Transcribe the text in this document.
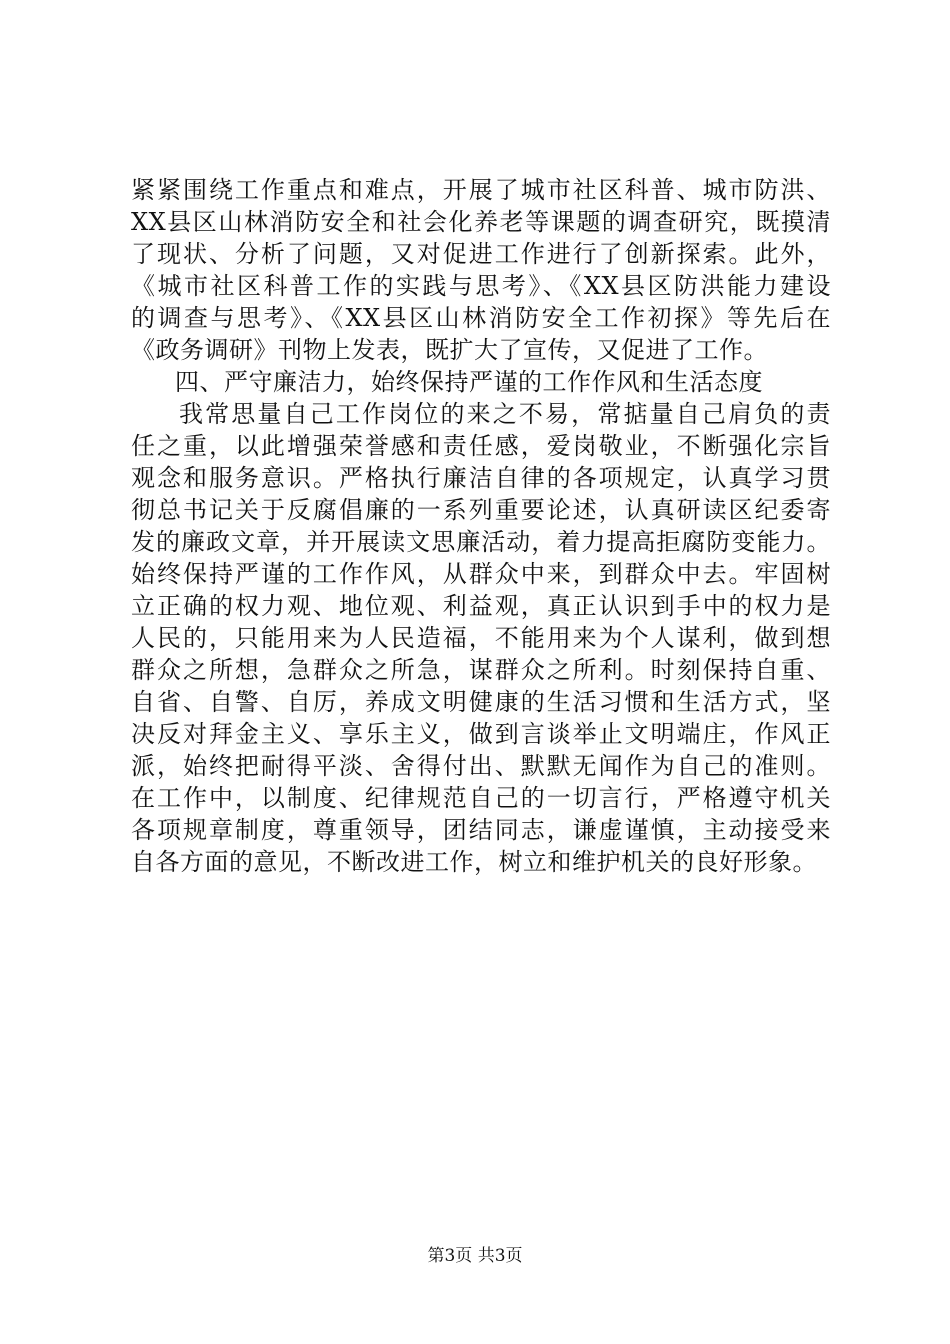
紧紧围绕工作重点和难点，开展了城市社区科普、城市防洪、
XX县区山林消防安全和社会化养老等课题的调查研究，既摸清
了现状、分析了问题，又对促进工作进行了创新探索。此外，
《城市社区科普工作的实践与思考》、《XX县区防洪能力建设
的调查与思考》、《XX县区山林消防安全工作初探》等先后在
《政务调研》刊物上发表，既扩大了宣传，又促进了工作。
四、严守廉洁力，始终保持严谨的工作作风和生活态度
我常思量自己工作岗位的来之不易，常掂量自己肩负的责
任之重，以此增强荣誉感和责任感，爱岗敬业，不断强化宗旨
观念和服务意识。严格执行廉洁自律的各项规定，认真学习贯
彻总书记关于反腐倡廉的一系列重要论述，认真研读区纪委寄
发的廉政文章，并开展读文思廉活动，着力提高拒腐防变能力。
始终保持严谨的工作作风，从群众中来，到群众中去。牢固树
立正确的权力观、地位观、利益观，真正认识到手中的权力是
人民的，只能用来为人民造福，不能用来为个人谋利，做到想
群众之所想，急群众之所急，谋群众之所利。时刻保持自重、
自省、自警、自厉，养成文明健康的生活习惯和生活方式，坚
决反对拜金主义、享乐主义，做到言谈举止文明端庄，作风正
派，始终把耐得平淡、舍得付出、默默无闻作为自己的准则。
在工作中，以制度、纪律规范自己的一切言行，严格遵守机关
各项规章制度，尊重领导，团结同志，谦虚谨慎，主动接受来
自各方面的意见，不断改进工作，树立和维护机关的良好形象。
第3页 共3页
